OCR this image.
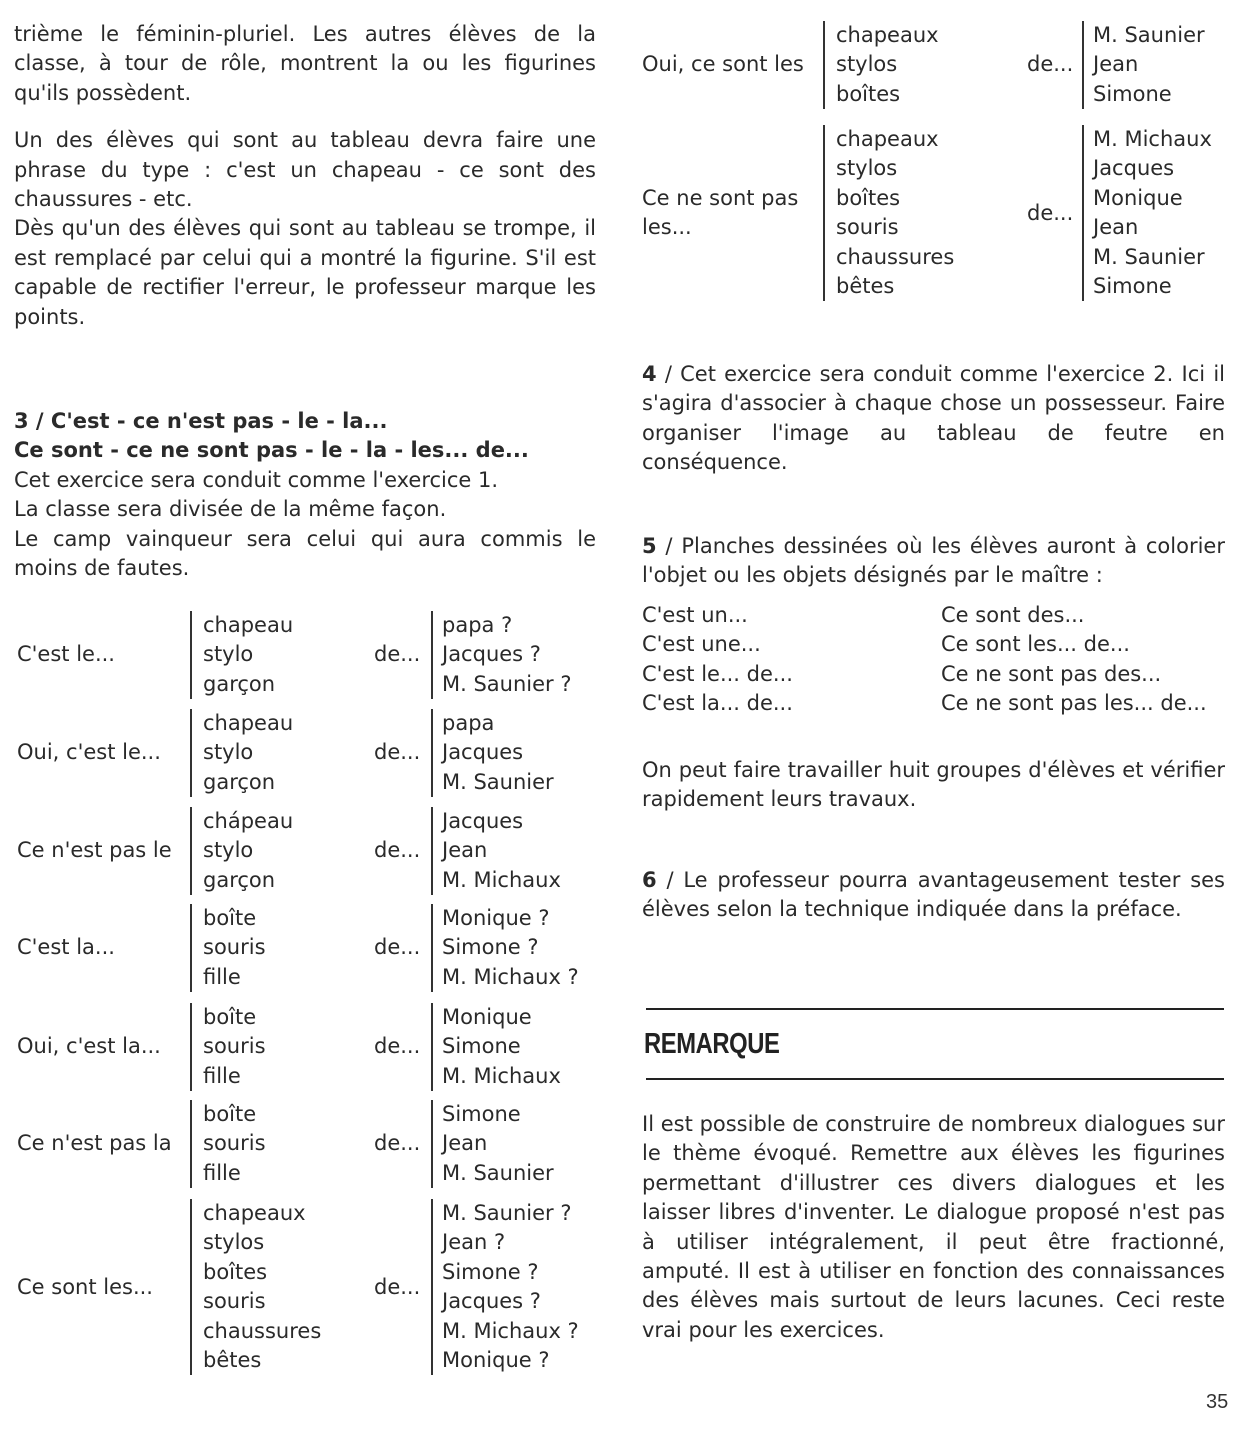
trième le féminin-pluriel. Les autres élèves de la classe, à tour de rôle, montrent la ou les figurines qu'ils possèdent.

Un des élèves qui sont au tableau devra faire une phrase du type : c'est un chapeau - ce sont des chaussures - etc.

Dès qu'un des élèves qui sont au tableau se trompe, il est remplacé par celui qui a montré la figurine. S'il est capable de rectifier l'erreur, le professeur marque les points.

3 / C'est - ce n'est pas - le - la...
Ce sont - ce ne sont pas - le - la - les... de...
Cet exercice sera conduit comme l'exercice 1.
La classe sera divisée de la même façon.

Le camp vainqueur sera celui qui aura commis le moins de fautes.

C'est le...
chapeau
stylo
garçon
de...
papa ?
Jacques ?
M. Saunier ?
Oui, c'est le...
chapeau
stylo
garçon
de...
papa
Jacques
M. Saunier
Ce n'est pas le
chápeau
stylo
garçon
de...
Jacques
Jean
M. Michaux
C'est la...
boîte
souris
fille
de...
Monique ?
Simone ?
M. Michaux ?
Oui, c'est la...
boîte
souris
fille
de...
Monique
Simone
M. Michaux
Ce n'est pas la
boîte
souris
fille
de...
Simone
Jean
M. Saunier
Ce sont les...
chapeaux
stylos
boîtes
souris
chaussures
bêtes
de...
M. Saunier ?
Jean ?
Simone ?
Jacques ?
M. Michaux ?
Monique ?
Oui, ce sont les
chapeaux
stylos
boîtes
de...
M. Saunier
Jean
Simone
Ce ne sont pas les...
chapeaux
stylos
boîtes
souris
chaussures
bêtes
de...
M. Michaux
Jacques
Monique
Jean
M. Saunier
Simone

4 / Cet exercice sera conduit comme l'exercice 2. Ici il s'agira d'associer à chaque chose un possesseur. Faire organiser l'image au tableau de feutre en conséquence.

5 / Planches dessinées où les élèves auront à colorier l'objet ou les objets désignés par le maître :

C'est un...
C'est une...
C'est le... de...
C'est la... de...
Ce sont des...
Ce sont les... de...
Ce ne sont pas des...
Ce ne sont pas les... de...

On peut faire travailler huit groupes d'élèves et vérifier rapidement leurs travaux.

6 / Le professeur pourra avantageusement tester ses élèves selon la technique indiquée dans la préface.

REMARQUE

Il est possible de construire de nombreux dialogues sur le thème évoqué. Remettre aux élèves les figurines permettant d'illustrer ces divers dialogues et les laisser libres d'inventer. Le dialogue proposé n'est pas à utiliser intégralement, il peut être fractionné, amputé. Il est à utiliser en fonction des connaissances des élèves mais surtout de leurs lacunes. Ceci reste vrai pour les exercices.

35
